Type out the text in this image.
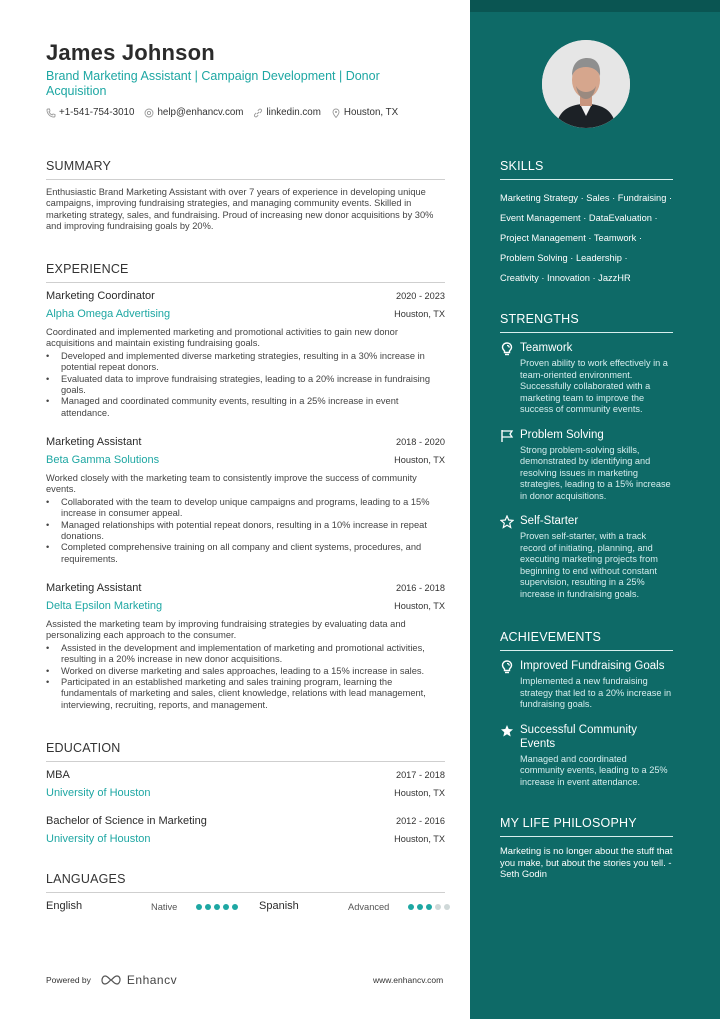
James Johnson
Brand Marketing Assistant | Campaign Development | Donor Acquisition
+1-541-754-3010 help@enhancv.com linkedin.com Houston, TX
SUMMARY
Enthusiastic Brand Marketing Assistant with over 7 years of experience in developing unique campaigns, improving fundraising strategies, and managing community events. Skilled in marketing strategy, sales, and fundraising. Proud of increasing new donor acquisitions by 30% and improving fundraising goals by 20%.
EXPERIENCE
Marketing Coordinator	2020 - 2023
Alpha Omega Advertising	Houston, TX
Coordinated and implemented marketing and promotional activities to gain new donor acquisitions and maintain existing fundraising goals.
• Developed and implemented diverse marketing strategies, resulting in a 30% increase in potential repeat donors.
• Evaluated data to improve fundraising strategies, leading to a 20% increase in fundraising goals.
• Managed and coordinated community events, resulting in a 25% increase in event attendance.
Marketing Assistant	2018 - 2020
Beta Gamma Solutions	Houston, TX
Worked closely with the marketing team to consistently improve the success of community events.
• Collaborated with the team to develop unique campaigns and programs, leading to a 15% increase in consumer appeal.
• Managed relationships with potential repeat donors, resulting in a 10% increase in repeat donations.
• Completed comprehensive training on all company and client systems, procedures, and requirements.
Marketing Assistant	2016 - 2018
Delta Epsilon Marketing	Houston, TX
Assisted the marketing team by improving fundraising strategies by evaluating data and personalizing each approach to the consumer.
• Assisted in the development and implementation of marketing and promotional activities, resulting in a 20% increase in new donor acquisitions.
• Worked on diverse marketing and sales approaches, leading to a 15% increase in sales.
• Participated in an established marketing and sales training program, learning the fundamentals of marketing and sales, client knowledge, relations with lead management, interviewing, recruiting, reports, and management.
EDUCATION
MBA	2017 - 2018
University of Houston	Houston, TX
Bachelor of Science in Marketing	2012 - 2016
University of Houston	Houston, TX
LANGUAGES
English	Native	Spanish	Advanced
Powered by	Enhancv	www.enhancv.com
SKILLS
Marketing Strategy · Sales · Fundraising ·
Event Management · DataEvaluation ·
Project Management · Teamwork ·
Problem Solving · Leadership ·
Creativity · Innovation · JazzHR
STRENGTHS
Teamwork
Proven ability to work effectively in a team-oriented environment. Successfully collaborated with a marketing team to improve the success of community events.
Problem Solving
Strong problem-solving skills, demonstrated by identifying and resolving issues in marketing strategies, leading to a 15% increase in donor acquisitions.
Self-Starter
Proven self-starter, with a track record of initiating, planning, and executing marketing projects from beginning to end without constant supervision, resulting in a 25% increase in fundraising goals.
ACHIEVEMENTS
Improved Fundraising Goals
Implemented a new fundraising strategy that led to a 20% increase in fundraising goals.
Successful Community Events
Managed and coordinated community events, leading to a 25% increase in event attendance.
MY LIFE PHILOSOPHY
Marketing is no longer about the stuff that you make, but about the stories you tell. - Seth Godin
